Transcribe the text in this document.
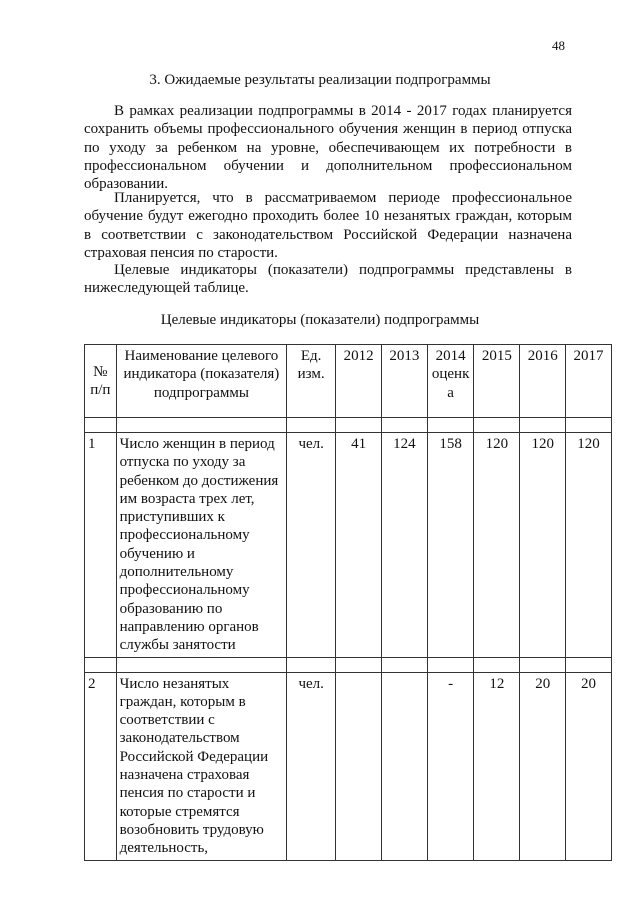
48
3. Ожидаемые результаты реализации подпрограммы

В рамках реализации подпрограммы в 2014 - 2017 годах планируется сохранить объемы профессионального обучения женщин в период отпуска по уходу за ребенком на уровне, обеспечивающем их потребности в профессиональном обучении и дополнительном профессиональном образовании.

Планируется, что в рассматриваемом периоде профессиональное обучение будут ежегодно проходить более 10 незанятых граждан, которым в соответствии с законодательством Российской Федерации назначена страховая пенсия по старости.

Целевые индикаторы (показатели) подпрограммы представлены в нижеследующей таблице.

Целевые индикаторы (показатели) подпрограммы
№ п/п	Наименование целевого индикатора (показателя) подпрограммы	Ед. изм.	2012	2013	2014 оценк а	2015	2016	2017

1	Число женщин в период отпуска по уходу за ребенком до достижения им возраста трех лет, приступивших к профессиональному обучению и дополнительному профессиональному образованию по направлению органов службы занятости	чел.	41	124	158	120	120	120

2	Число незанятых граждан, которым в соответствии с законодательством Российской Федерации назначена страховая пенсия по старости и которые стремятся возобновить трудовую деятельность,	чел.			-	12	20	20
